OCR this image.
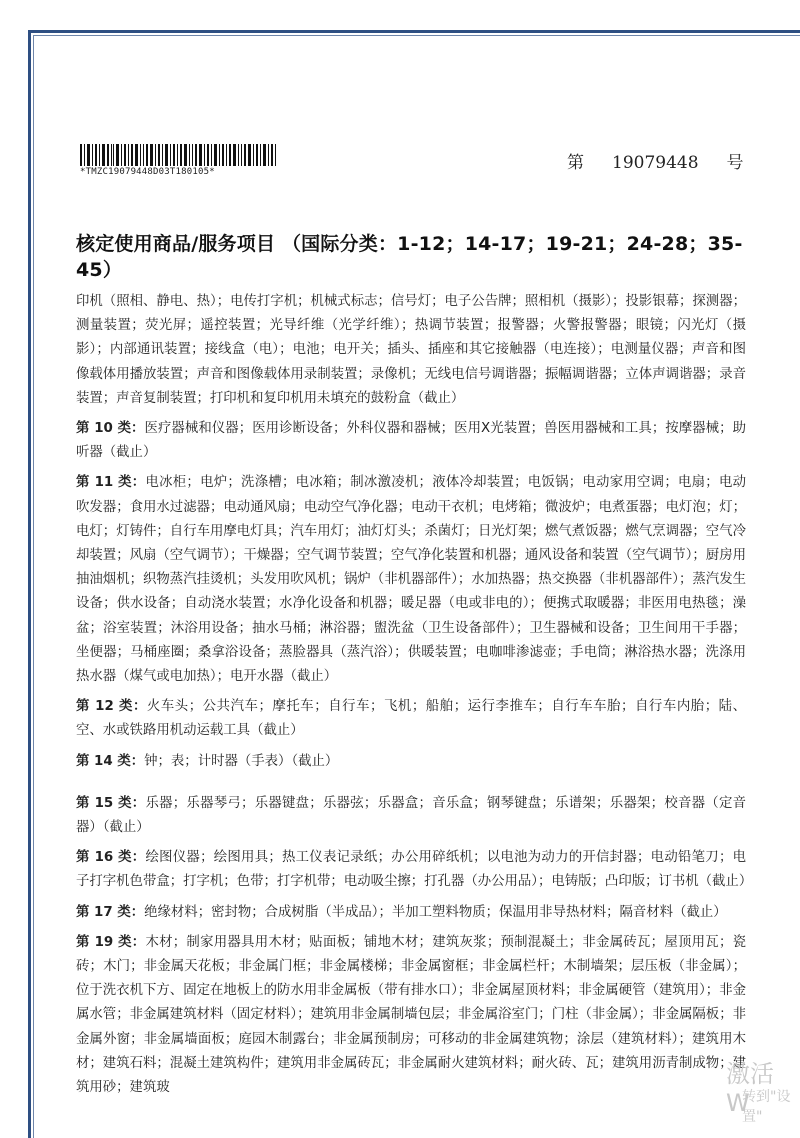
*TMZC19079448D03T180105*	第 19079448 号
核定使用商品/服务项目 （国际分类：1-12；14-17；19-21；24-28；35-45）

印机（照相、静电、热）；电传打字机；机械式标志；信号灯；电子公告牌；照相机（摄影）；投影银幕；探测器；测量装置；荧光屏；遥控装置；光导纤维（光学纤维）；热调节装置；报警器；火警报警器；眼镜；闪光灯（摄影）；内部通讯装置；接线盒（电）；电池；电开关；插头、插座和其它接触器（电连接）；电测量仪器；声音和图像载体用播放装置；声音和图像载体用录制装置；录像机；无线电信号调谐器；振幅调谐器；立体声调谐器；录音装置；声音复制装置；打印机和复印机用未填充的鼓粉盒（截止）

第 10 类：医疗器械和仪器；医用诊断设备；外科仪器和器械；医用X光装置；兽医用器械和工具；按摩器械；助听器（截止）

第 11 类：电冰柜；电炉；洗涤槽；电冰箱；制冰激凌机；液体冷却装置；电饭锅；电动家用空调；电扇；电动吹发器；食用水过滤器；电动通风扇；电动空气净化器；电动干衣机；电烤箱；微波炉；电煮蛋器；电灯泡；灯；电灯；灯铸件；自行车用摩电灯具；汽车用灯；油灯灯头；杀菌灯；日光灯架；燃气煮饭器；燃气烹调器；空气冷却装置；风扇（空气调节）；干燥器；空气调节装置；空气净化装置和机器；通风设备和装置（空气调节）；厨房用抽油烟机；织物蒸汽挂烫机；头发用吹风机；锅炉（非机器部件）；水加热器；热交换器（非机器部件）；蒸汽发生设备；供水设备；自动浇水装置；水净化设备和机器；暖足器（电或非电的）；便携式取暖器；非医用电热毯；澡盆；浴室装置；沐浴用设备；抽水马桶；淋浴器；盥洗盆（卫生设备部件）；卫生器械和设备；卫生间用干手器；坐便器；马桶座圈；桑拿浴设备；蒸脸器具（蒸汽浴）；供暖装置；电咖啡渗滤壶；手电筒；淋浴热水器；洗涤用热水器（煤气或电加热）；电开水器（截止）

第 12 类：火车头；公共汽车；摩托车；自行车；飞机；船舶；运行李推车；自行车车胎；自行车内胎；陆、空、水或铁路用机动运载工具（截止）

第 14 类：钟；表；计时器（手表）（截止）

第 15 类：乐器；乐器琴弓；乐器键盘；乐器弦；乐器盒；音乐盒；钢琴键盘；乐谱架；乐器架；校音器（定音器）（截止）

第 16 类：绘图仪器；绘图用具；热工仪表记录纸；办公用碎纸机；以电池为动力的开信封器；电动铅笔刀；电子打字机色带盒；打字机；色带；打字机带；电动吸尘擦；打孔器（办公用品）；电铸版；凸印版；订书机（截止）

第 17 类：绝缘材料；密封物；合成树脂（半成品）；半加工塑料物质；保温用非导热材料；隔音材料（截止）

第 19 类：木材；制家用器具用木材；贴面板；铺地木材；建筑灰浆；预制混凝土；非金属砖瓦；屋顶用瓦；瓷砖；木门；非金属天花板；非金属门框；非金属楼梯；非金属窗框；非金属栏杆；木制墙架；层压板（非金属）；位于洗衣机下方、固定在地板上的防水用非金属板（带有排水口）；非金属屋顶材料；非金属硬管（建筑用）；非金属水管；非金属建筑材料（固定材料）；建筑用非金属制墙包层；非金属浴室门；门柱（非金属）；非金属隔板；非金属外窗；非金属墙面板；庭园木制露台；非金属预制房；可移动的非金属建筑物；涂层（建筑材料）；建筑用木材；建筑石料；混凝土建筑构件；建筑用非金属砖瓦；非金属耐火建筑材料；耐火砖、瓦；建筑用沥青制成物；建筑用砂；建筑玻	激活 W
转到"设置"
